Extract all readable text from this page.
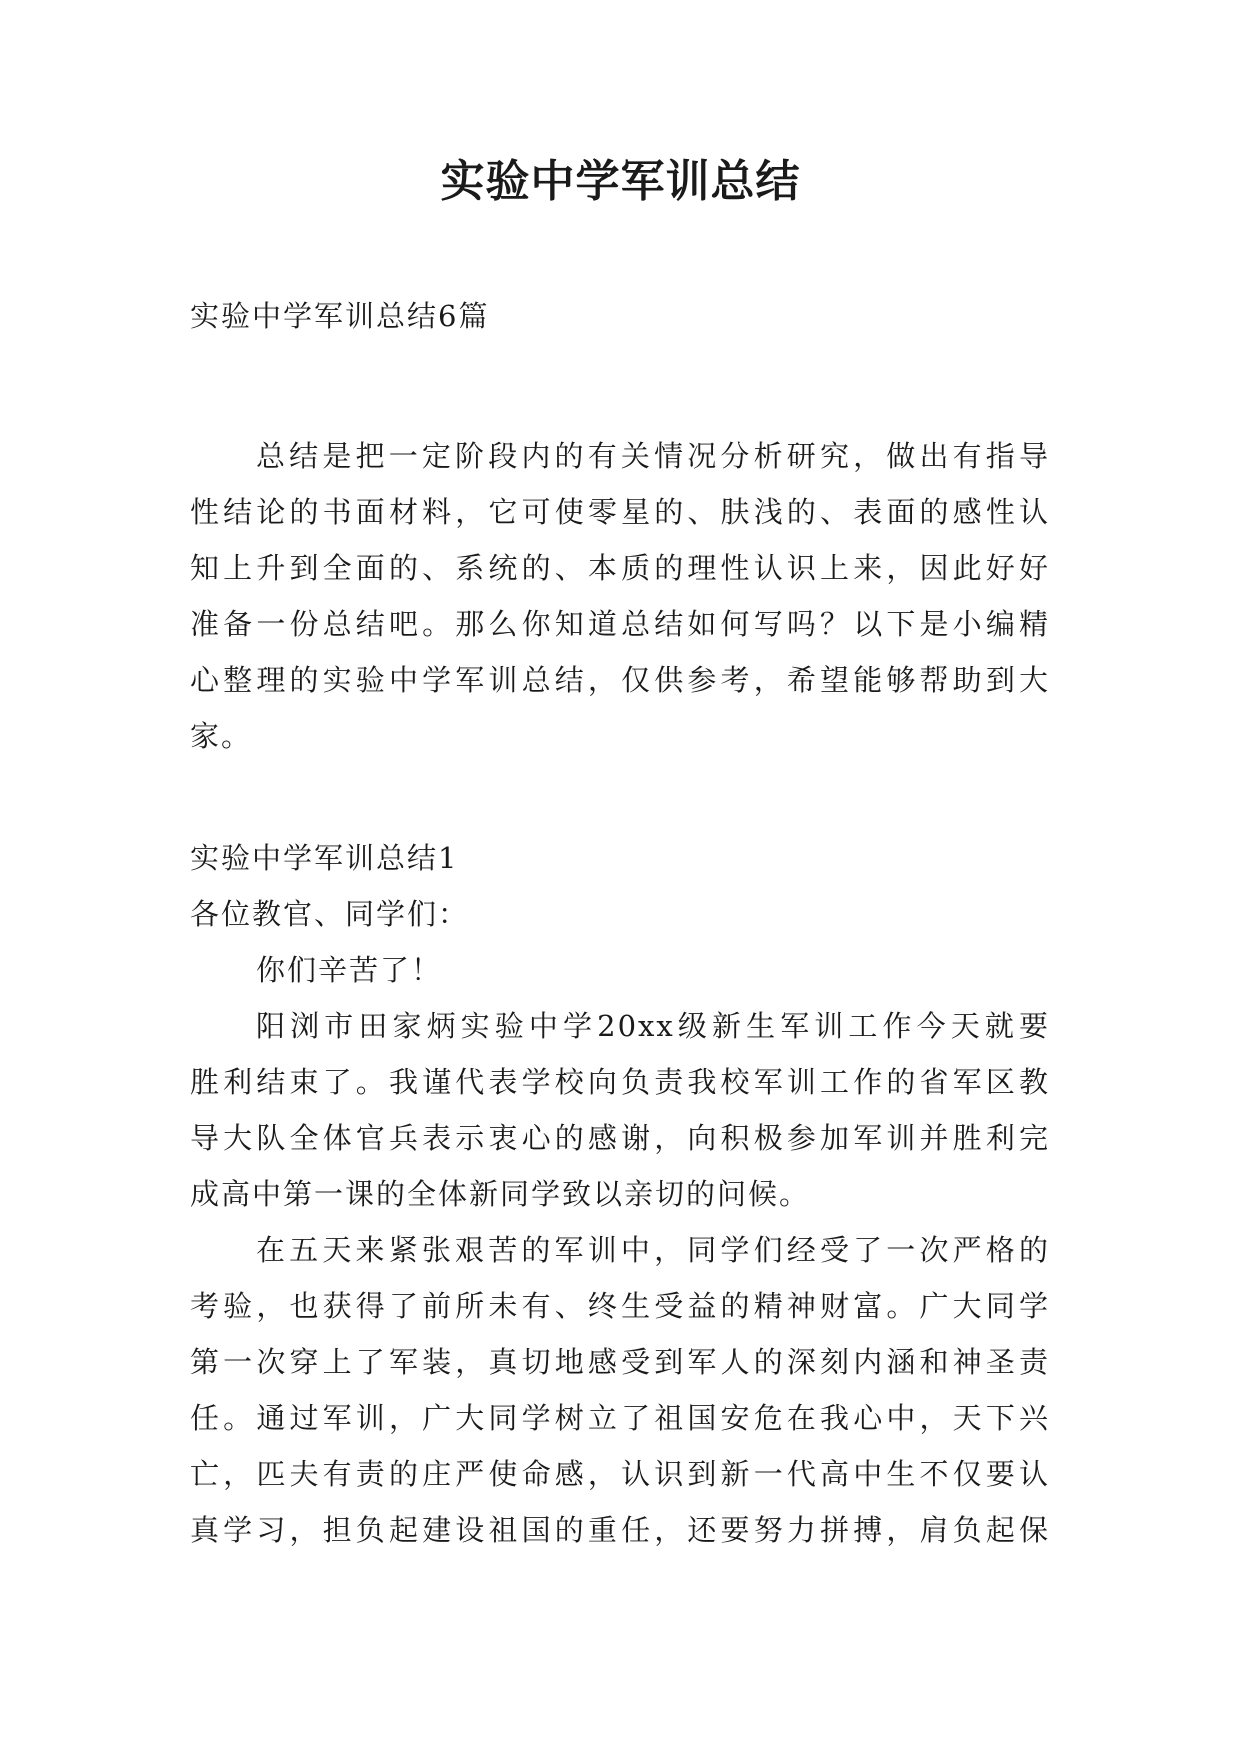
实验中学军训总结

实验中学军训总结6篇

总结是把一定阶段内的有关情况分析研究，做出有指导

性结论的书面材料，它可使零星的、肤浅的、表面的感性认

知上升到全面的、系统的、本质的理性认识上来，因此好好

准备一份总结吧。那么你知道总结如何写吗？以下是小编精

心整理的实验中学军训总结，仅供参考，希望能够帮助到大

家。

实验中学军训总结1

各位教官、同学们：

你们辛苦了！

阳浏市田家炳实验中学20xx级新生军训工作今天就要

胜利结束了。我谨代表学校向负责我校军训工作的省军区教

导大队全体官兵表示衷心的感谢，向积极参加军训并胜利完

成高中第一课的全体新同学致以亲切的问候。

在五天来紧张艰苦的军训中，同学们经受了一次严格的

考验，也获得了前所未有、终生受益的精神财富。广大同学

第一次穿上了军装，真切地感受到军人的深刻内涵和神圣责

任。通过军训，广大同学树立了祖国安危在我心中，天下兴

亡，匹夫有责的庄严使命感，认识到新一代高中生不仅要认

真学习，担负起建设祖国的重任，还要努力拼搏，肩负起保
